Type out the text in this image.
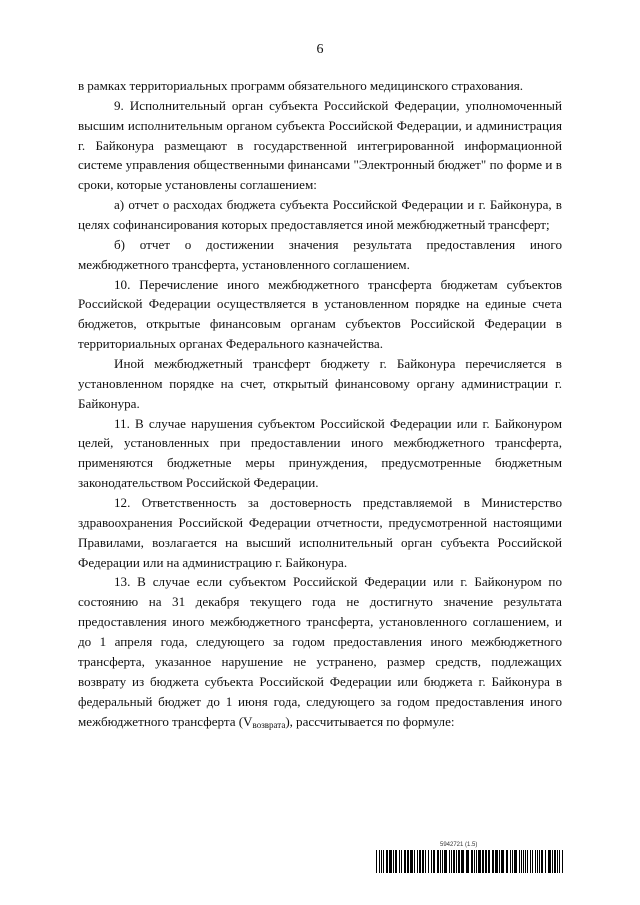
6

в рамках территориальных программ обязательного медицинского страхования.

9. Исполнительный орган субъекта Российской Федерации, уполномоченный высшим исполнительным органом субъекта Российской Федерации, и администрация г. Байконура размещают в государственной интегрированной информационной системе управления общественными финансами "Электронный бюджет" по форме и в сроки, которые установлены соглашением:

а) отчет о расходах бюджета субъекта Российской Федерации и г. Байконура, в целях софинансирования которых предоставляется иной межбюджетный трансферт;

б) отчет о достижении значения результата предоставления иного межбюджетного трансферта, установленного соглашением.

10. Перечисление иного межбюджетного трансферта бюджетам субъектов Российской Федерации осуществляется в установленном порядке на единые счета бюджетов, открытые финансовым органам субъектов Российской Федерации в территориальных органах Федерального казначейства.

Иной межбюджетный трансферт бюджету г. Байконура перечисляется в установленном порядке на счет, открытый финансовому органу администрации г. Байконура.

11. В случае нарушения субъектом Российской Федерации или г. Байконуром целей, установленных при предоставлении иного межбюджетного трансферта, применяются бюджетные меры принуждения, предусмотренные бюджетным законодательством Российской Федерации.

12. Ответственность за достоверность представляемой в Министерство здравоохранения Российской Федерации отчетности, предусмотренной настоящими Правилами, возлагается на высший исполнительный орган субъекта Российской Федерации или на администрацию г. Байконура.

13. В случае если субъектом Российской Федерации или г. Байконуром по состоянию на 31 декабря текущего года не достигнуто значение результата предоставления иного межбюджетного трансферта, установленного соглашением, и до 1 апреля года, следующего за годом предоставления иного межбюджетного трансферта, указанное нарушение не устранено, размер средств, подлежащих возврату из бюджета субъекта Российской Федерации или бюджета г. Байконура в федеральный бюджет до 1 июня года, следующего за годом предоставления иного межбюджетного трансферта $(V_{возврата})$, рассчитывается по формуле:

5942721 (1.5)
